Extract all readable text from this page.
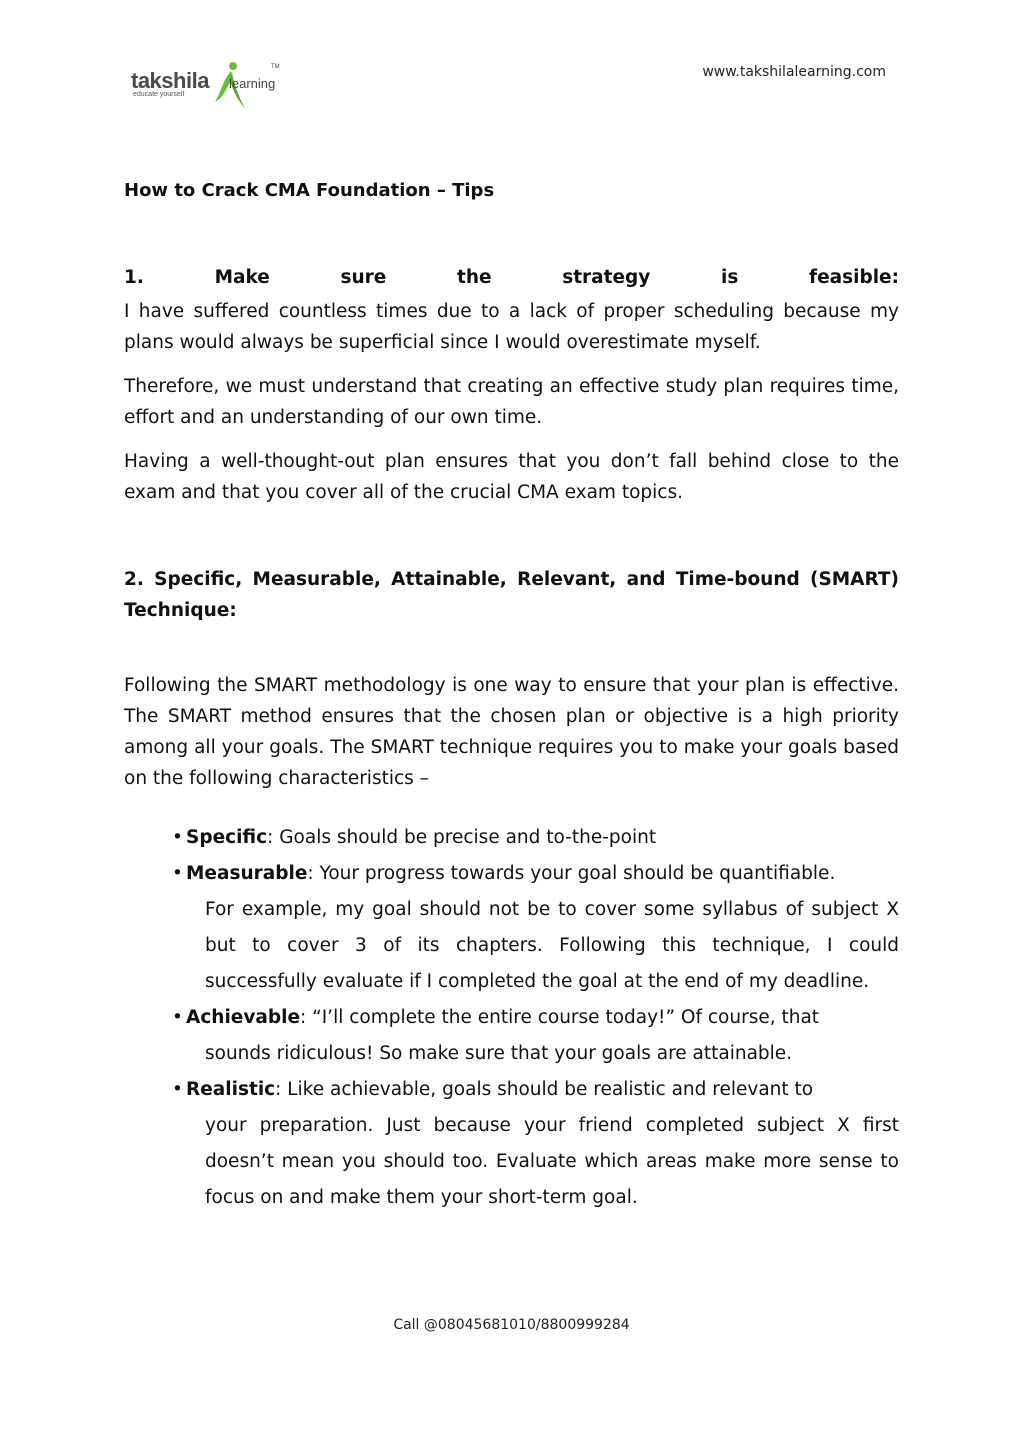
takshila
educate yourself
learning
TM	www.takshilalearning.com
How to Crack CMA Foundation – Tips
1.	Make	sure	the	strategy	is	feasible:

I have suffered countless times due to a lack of proper scheduling because my plans would always be superficial since I would overestimate myself.

Therefore, we must understand that creating an effective study plan requires time, effort and an understanding of our own time.

Having a well-thought-out plan ensures that you don’t fall behind close to the exam and that you cover all of the crucial CMA exam topics.

2. Specific, Measurable, Attainable, Relevant, and Time-bound (SMART) Technique:

Following the SMART methodology is one way to ensure that your plan is effective. The SMART method ensures that the chosen plan or objective is a high priority among all your goals. The SMART technique requires you to make your goals based on the following characteristics –

• Specific: Goals should be precise and to-the-point
• Measurable: Your progress towards your goal should be quantifiable.
For example, my goal should not be to cover some syllabus of subject X but to cover 3 of its chapters. Following this technique, I could successfully evaluate if I completed the goal at the end of my deadline.
• Achievable: “I’ll complete the entire course today!” Of course, that
sounds ridiculous! So make sure that your goals are attainable.
• Realistic: Like achievable, goals should be realistic and relevant to
your preparation. Just because your friend completed subject X first doesn’t mean you should too. Evaluate which areas make more sense to focus on and make them your short-term goal.
Call @08045681010/8800999284
